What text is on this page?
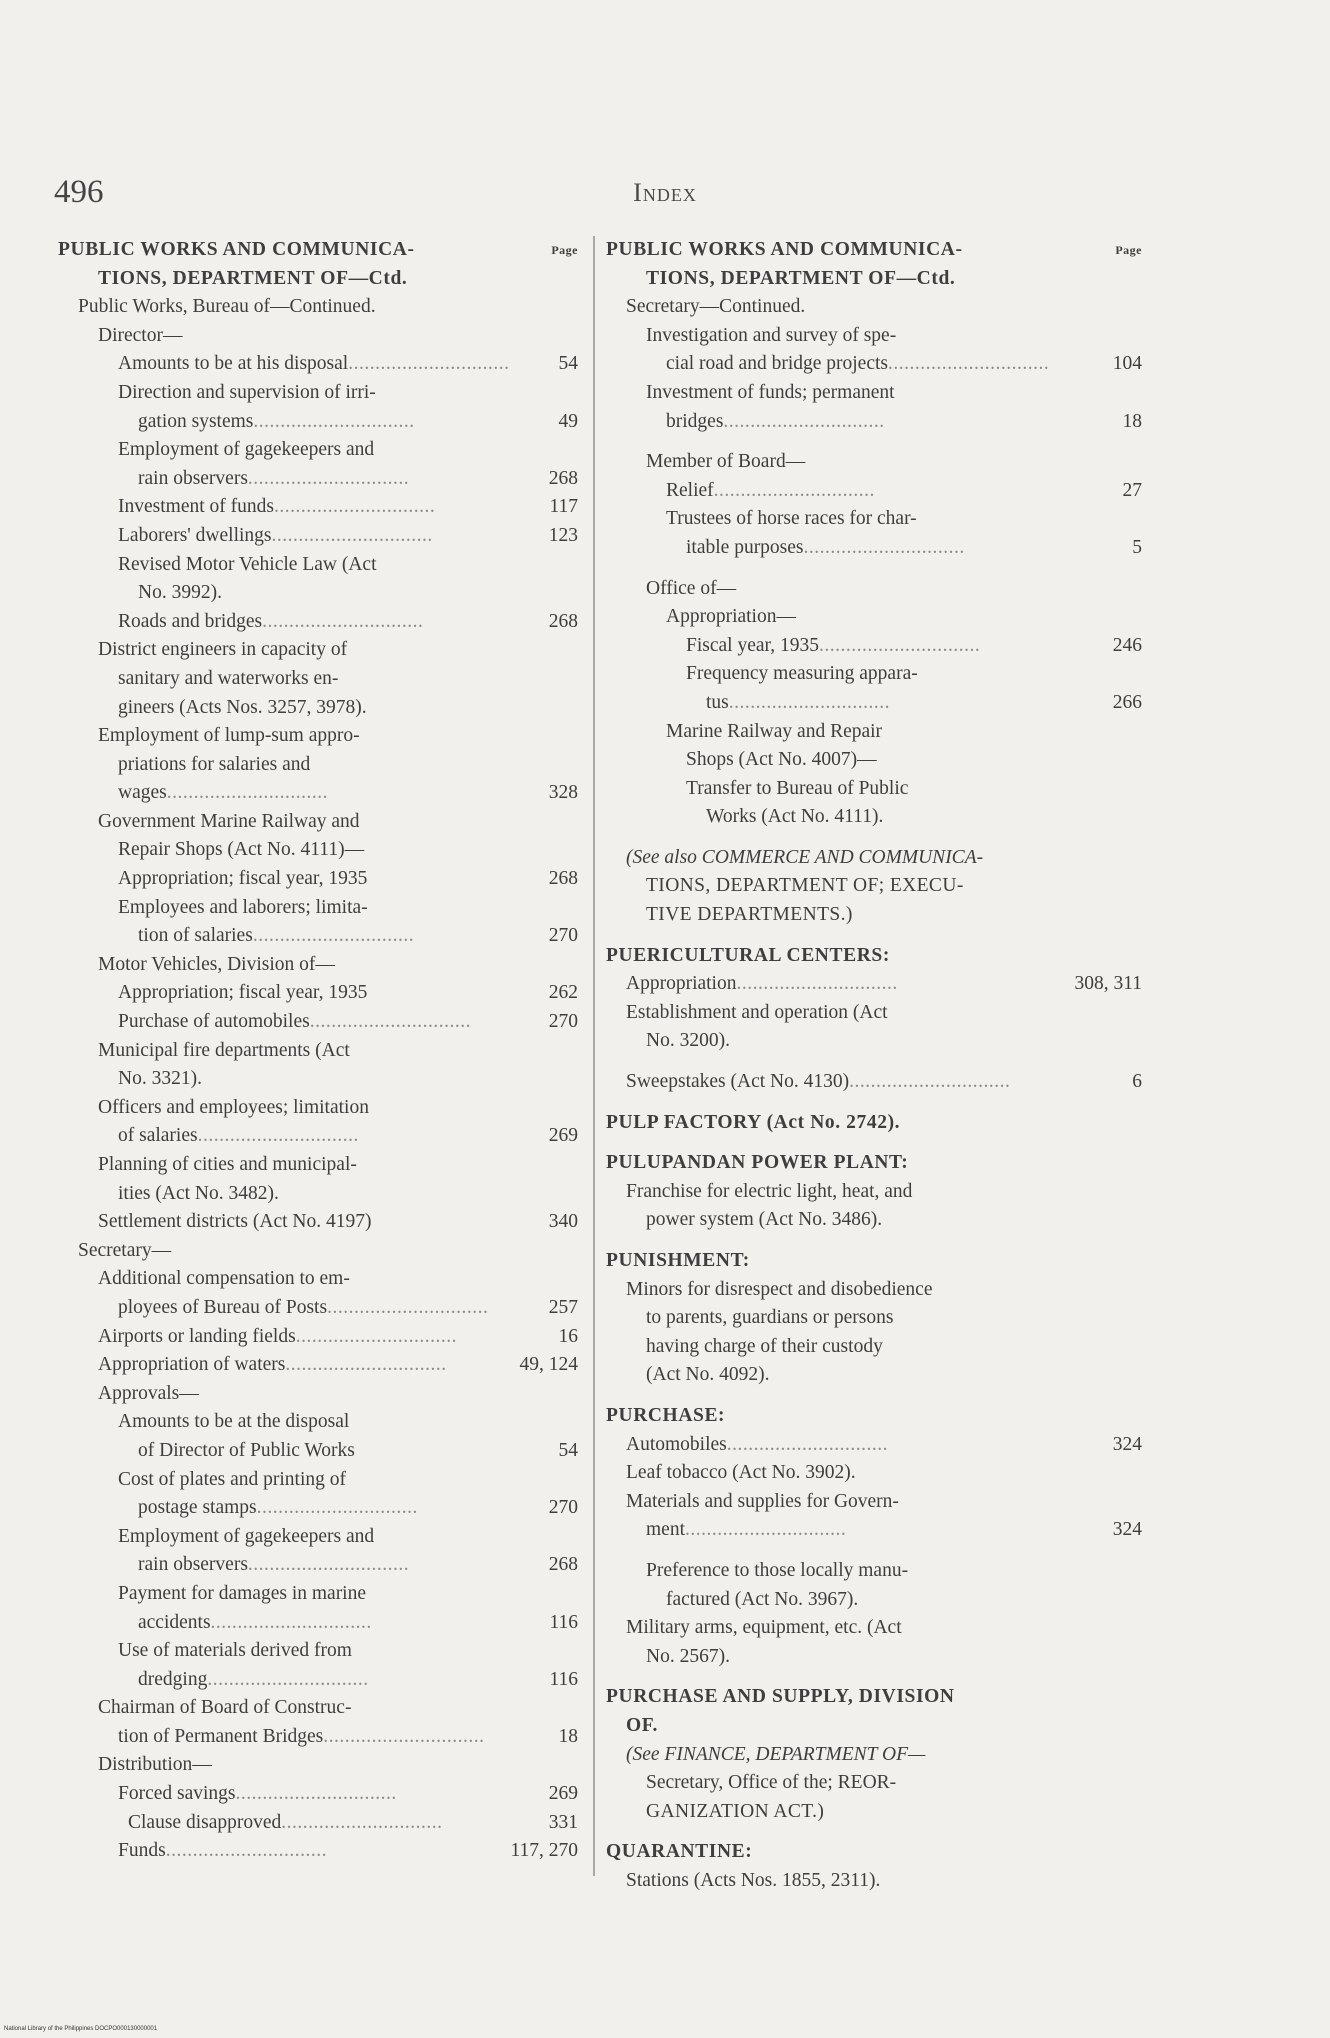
496	Index
PUBLIC WORKS AND COMMUNICA-	Page
TIONS, DEPARTMENT OF—Ctd.
Public Works, Bureau of—Continued.
Director—
Amounts to be at his disposal..............................	54
Direction and supervision of irri-
gation systems..............................	49
Employment of gagekeepers and
rain observers..............................	268
Investment of funds..............................	117
Laborers' dwellings..............................	123
Revised Motor Vehicle Law (Act
No. 3992).
Roads and bridges..............................	268
District engineers in capacity of
sanitary and waterworks en-
gineers (Acts Nos. 3257, 3978).
Employment of lump-sum appro-
priations for salaries and
wages..............................	328
Government Marine Railway and
Repair Shops (Act No. 4111)—
Appropriation; fiscal year, 1935	268
Employees and laborers; limita-
tion of salaries..............................	270
Motor Vehicles, Division of—
Appropriation; fiscal year, 1935	262
Purchase of automobiles..............................	270
Municipal fire departments (Act
No. 3321).
Officers and employees; limitation
of salaries..............................	269
Planning of cities and municipal-
ities (Act No. 3482).
Settlement districts (Act No. 4197)	340
Secretary—
Additional compensation to em-
ployees of Bureau of Posts..............................	257
Airports or landing fields..............................	16
Appropriation of waters..............................	49, 124
Approvals—
Amounts to be at the disposal
of Director of Public Works	54
Cost of plates and printing of
postage stamps..............................	270
Employment of gagekeepers and
rain observers..............................	268
Payment for damages in marine
accidents..............................	116
Use of materials derived from
dredging..............................	116
Chairman of Board of Construc-
tion of Permanent Bridges..............................	18
Distribution—
Forced savings..............................	269
Clause disapproved..............................	331
Funds..............................	117, 270
PUBLIC WORKS AND COMMUNICA-	Page
TIONS, DEPARTMENT OF—Ctd.
Secretary—Continued.
Investigation and survey of spe-
cial road and bridge projects..............................	104
Investment of funds; permanent
bridges..............................	18
Member of Board—
Relief..............................	27
Trustees of horse races for char-
itable purposes..............................	5
Office of—
Appropriation—
Fiscal year, 1935..............................	246
Frequency measuring appara-
tus..............................	266
Marine Railway and Repair
Shops (Act No. 4007)—
Transfer to Bureau of Public
Works (Act No. 4111).
(See also COMMERCE AND COMMUNICA-
TIONS, DEPARTMENT OF; EXECU-
TIVE DEPARTMENTS.)
PUERICULTURAL CENTERS:
Appropriation..............................	308, 311
Establishment and operation (Act
No. 3200).
Sweepstakes (Act No. 4130)..............................	6
PULP FACTORY (Act No. 2742).
PULUPANDAN POWER PLANT:
Franchise for electric light, heat, and
power system (Act No. 3486).
PUNISHMENT:
Minors for disrespect and disobedience
to parents, guardians or persons
having charge of their custody
(Act No. 4092).
PURCHASE:
Automobiles..............................	324
Leaf tobacco (Act No. 3902).
Materials and supplies for Govern-
ment..............................	324
Preference to those locally manu-
factured (Act No. 3967).
Military arms, equipment, etc. (Act
No. 2567).
PURCHASE AND SUPPLY, DIVISION
OF.
(See FINANCE, DEPARTMENT OF—
Secretary, Office of the; REOR-
GANIZATION ACT.)
QUARANTINE:
Stations (Acts Nos. 1855, 2311).
National Library of the Philippines DOCPO000130000001
